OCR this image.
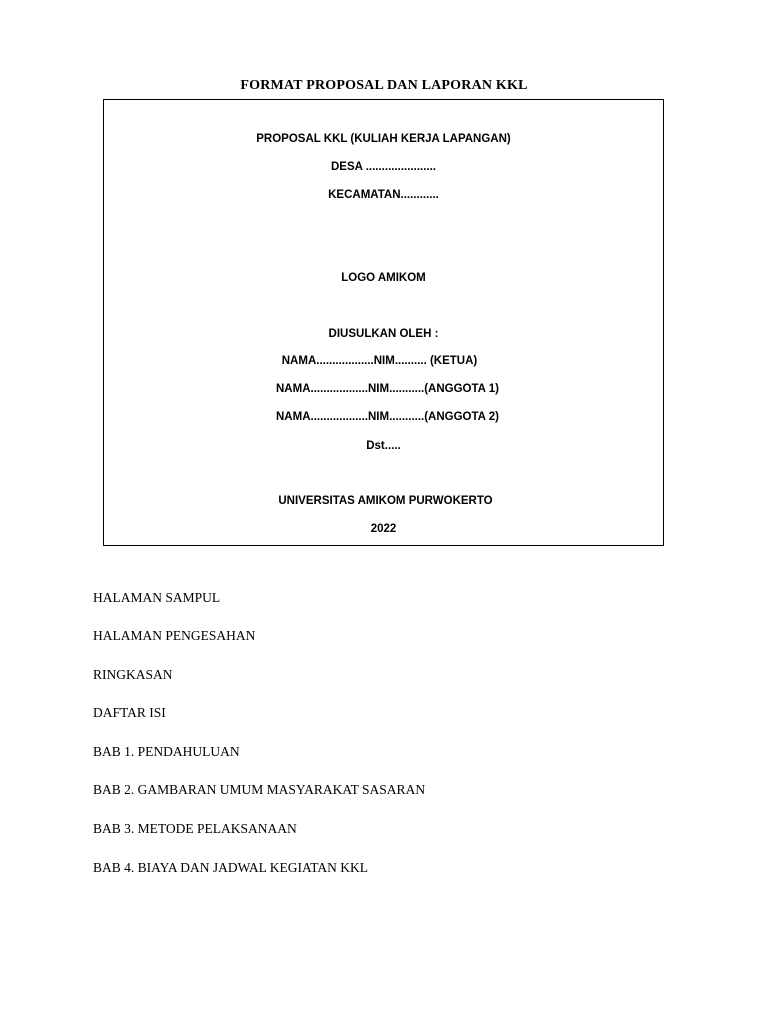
FORMAT PROPOSAL DAN LAPORAN KKL
PROPOSAL KKL (KULIAH KERJA LAPANGAN)
DESA ......................
KECAMATAN............
LOGO AMIKOM
DIUSULKAN OLEH :
NAMA..................NIM.......... (KETUA)
NAMA..................NIM...........(ANGGOTA 1)
NAMA..................NIM...........(ANGGOTA 2)
Dst.....
UNIVERSITAS AMIKOM PURWOKERTO
2022
HALAMAN SAMPUL
HALAMAN PENGESAHAN
RINGKASAN
DAFTAR ISI
BAB 1. PENDAHULUAN
BAB 2. GAMBARAN UMUM MASYARAKAT SASARAN
BAB 3. METODE PELAKSANAAN
BAB 4. BIAYA DAN JADWAL KEGIATAN KKL
